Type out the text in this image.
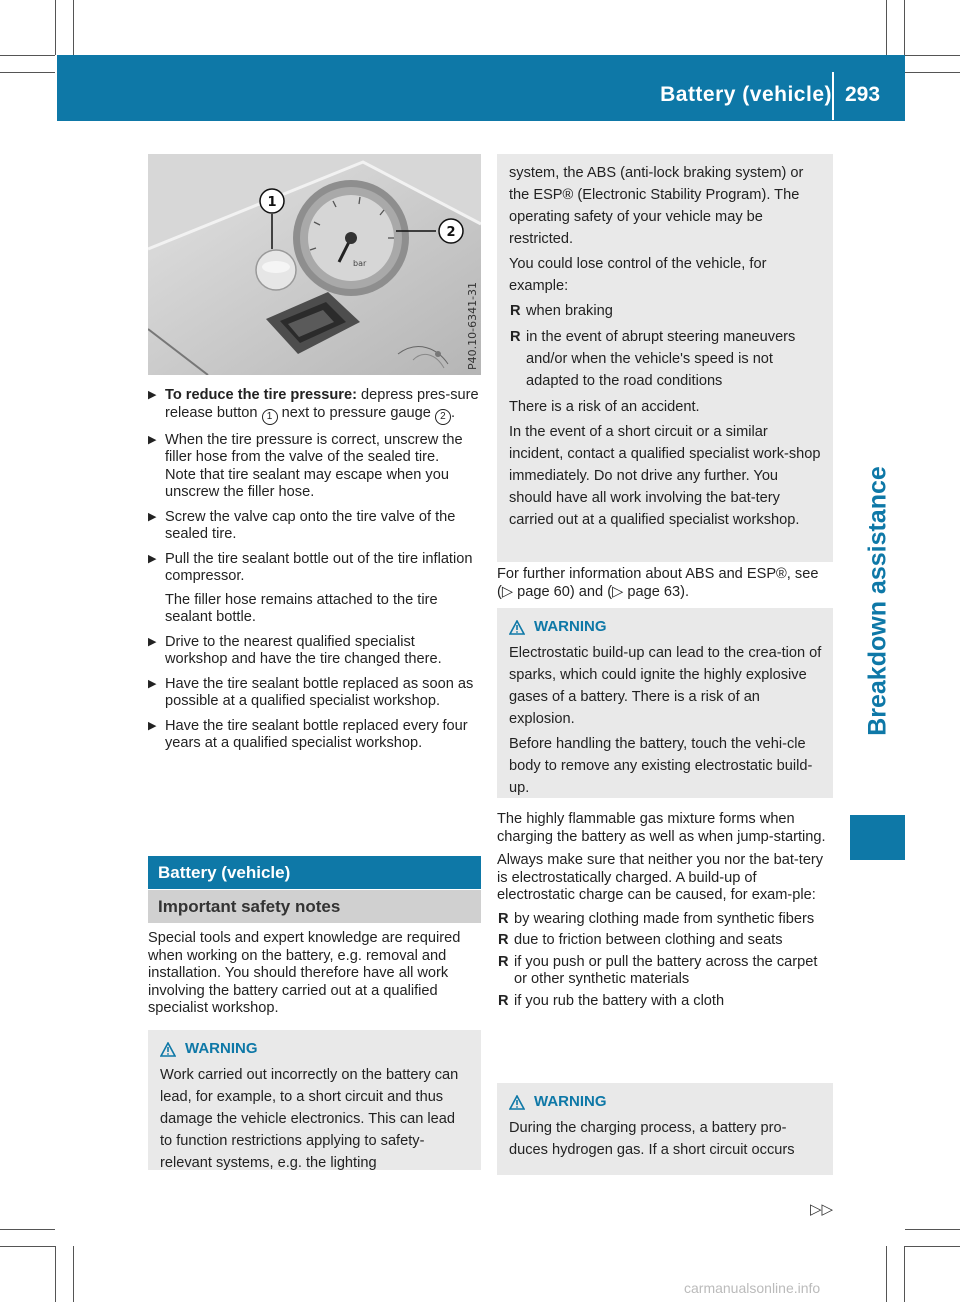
Battery (vehicle) 293
Breakdown assistance
bar
1
2
P40.10-6341-31
▶ To reduce the tire pressure: depress pres-sure release button 1 next to pressure gauge 2 .

▶ When the tire pressure is correct, unscrew the filler hose from the valve of the sealed tire.

Note that tire sealant may escape when you unscrew the filler hose.

▶ Screw the valve cap onto the tire valve of the sealed tire.

▶ Pull the tire sealant bottle out of the tire inflation compressor.

The filler hose remains attached to the tire sealant bottle.

▶ Drive to the nearest qualified specialist workshop and have the tire changed there.

▶ Have the tire sealant bottle replaced as soon as possible at a qualified specialist workshop.

▶ Have the tire sealant bottle replaced every four years at a qualified specialist workshop.

Battery (vehicle)
Important safety notes

Special tools and expert knowledge are required when working on the battery, e.g. removal and installation. You should therefore have all work involving the battery carried out at a qualified specialist workshop.

WARNING

Work carried out incorrectly on the battery can lead, for example, to a short circuit and thus damage the vehicle electronics. This can lead to function restrictions applying to safety-relevant systems, e.g. the lighting

system, the ABS (anti-lock braking system) or the ESP® (Electronic Stability Program). The operating safety of your vehicle may be restricted.

You could lose control of the vehicle, for example:

R when braking
R in the event of abrupt steering maneuvers and/or when the vehicle's speed is not adapted to the road conditions

There is a risk of an accident.

In the event of a short circuit or a similar incident, contact a qualified specialist work-shop immediately. Do not drive any further. You should have all work involving the bat-tery carried out at a qualified specialist workshop.

For further information about ABS and ESP®, see (▷ page 60) and (▷ page 63).

WARNING

Electrostatic build-up can lead to the crea-tion of sparks, which could ignite the highly explosive gases of a battery. There is a risk of an explosion.

Before handling the battery, touch the vehi-cle body to remove any existing electrostatic build-up.

The highly flammable gas mixture forms when charging the battery as well as when jump-starting.

Always make sure that neither you nor the bat-tery is electrostatically charged. A build-up of electrostatic charge can be caused, for exam-ple:

R by wearing clothing made from synthetic fibers
R due to friction between clothing and seats
R if you push or pull the battery across the carpet or other synthetic materials
R if you rub the battery with a cloth
WARNING

During the charging process, a battery pro-duces hydrogen gas. If a short circuit occurs

▷▷
carmanualsonline.info
